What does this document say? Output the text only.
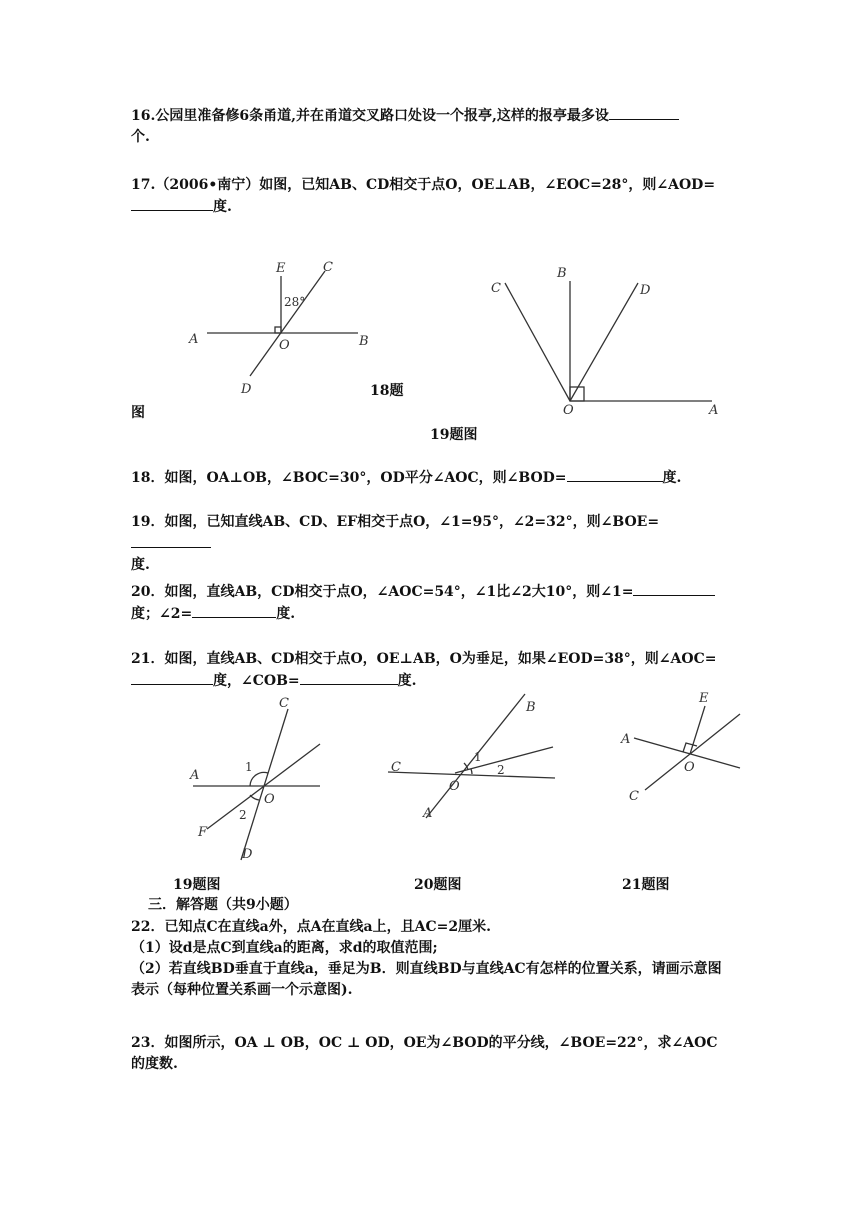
16.公园里准备修6条甬道,并在甬道交叉路口处设一个报亭,这样的报亭最多设
个.

17.（2006•南宁）如图，已知AB、CD相交于点O，OE⊥AB，∠EOC=28°，则∠AOD=
度.

E	C
28°
A	O	B
D	18题
图
B
C	D
O	A
19题图

18．如图，OA⊥OB，∠BOC=30°，OD平分∠AOC，则∠BOD=	度.

19．如图，已知直线AB、CD、EF相交于点O，∠1=95°，∠2=32°，则∠BOE=
度.

20．如图，直线AB，CD相交于点O，∠AOC=54°，∠1比∠2大10°，则∠1=
度；∠2=	度.

21．如图，直线AB、CD相交于点O，OE⊥AB，O为垂足，如果∠EOD=38°，则∠AOC=
度，∠COB=	度.

C
A
1
O
2
F
D
B
C
1
2
O
A
E
A
O
C
19题图	20题图	21题图
三．解答题（共9小题）

22．已知点C在直线a外，点A在直线a上，且AC=2厘米.
（1）设d是点C到直线a的距离，求d的取值范围;
（2）若直线BD垂直于直线a，垂足为B．则直线BD与直线AC有怎样的位置关系，请画示意图表示（每种位置关系画一个示意图).

23．如图所示，OA ⊥ OB，OC ⊥ OD，OE为∠BOD的平分线，∠BOE=22°，求∠AOC的度数.
